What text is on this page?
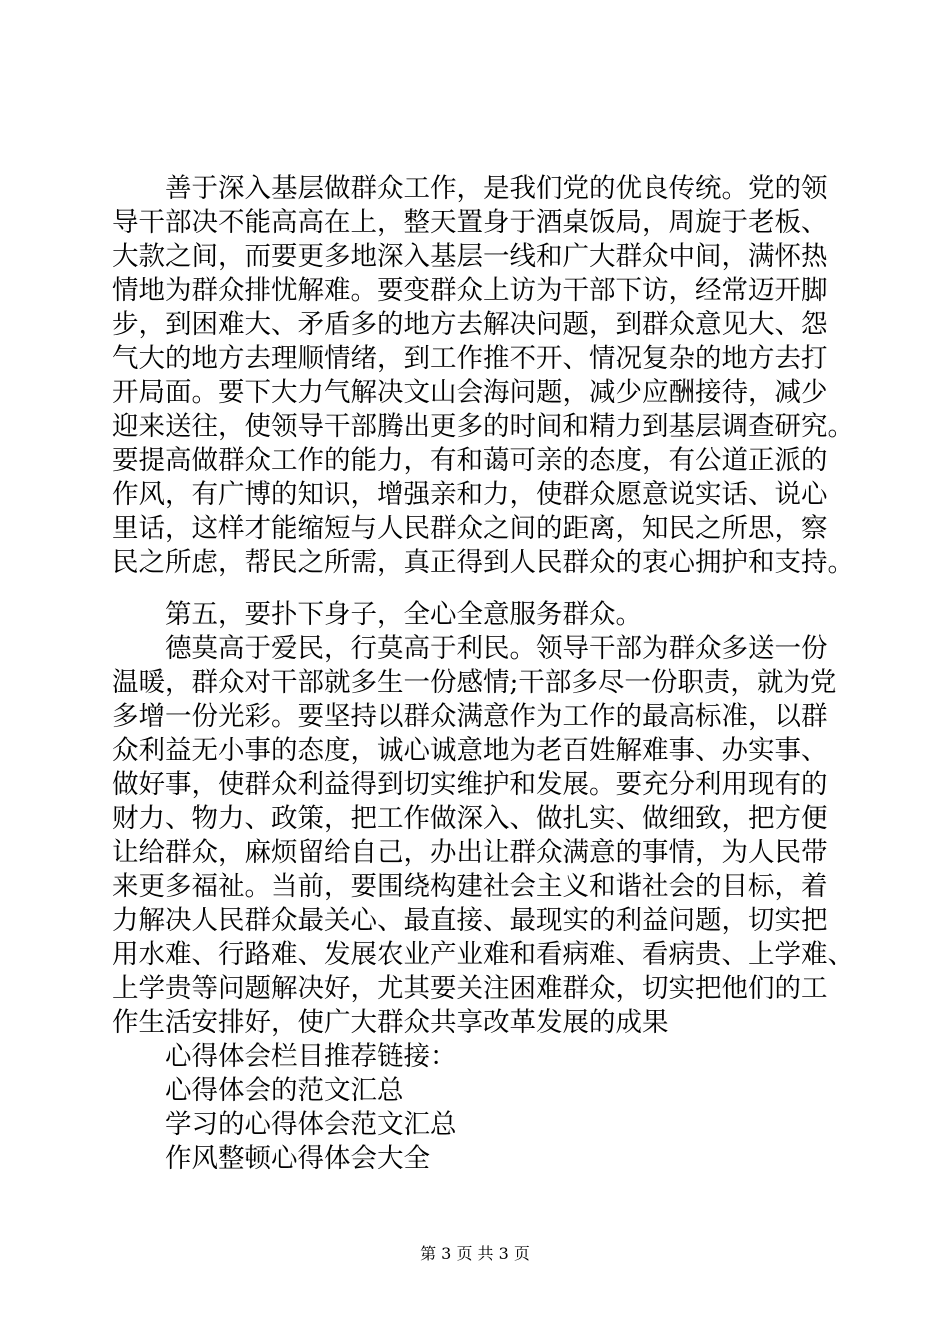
　　善于深入基层做群众工作，是我们党的优良传统。党的领
导干部决不能高高在上，整天置身于酒桌饭局，周旋于老板、
大款之间，而要更多地深入基层一线和广大群众中间，满怀热
情地为群众排忧解难。要变群众上访为干部下访，经常迈开脚
步，到困难大、矛盾多的地方去解决问题，到群众意见大、怨
气大的地方去理顺情绪，到工作推不开、情况复杂的地方去打
开局面。要下大力气解决文山会海问题，减少应酬接待，减少
迎来送往，使领导干部腾出更多的时间和精力到基层调查研究。
要提高做群众工作的能力，有和蔼可亲的态度，有公道正派的
作风，有广博的知识，增强亲和力，使群众愿意说实话、说心
里话，这样才能缩短与人民群众之间的距离，知民之所思，察
民之所虑，帮民之所需，真正得到人民群众的衷心拥护和支持。
　　第五，要扑下身子，全心全意服务群众。
　　德莫高于爱民，行莫高于利民。领导干部为群众多送一份
温暖，群众对干部就多生一份感情;干部多尽一份职责，就为党
多增一份光彩。要坚持以群众满意作为工作的最高标准，以群
众利益无小事的态度，诚心诚意地为老百姓解难事、办实事、
做好事，使群众利益得到切实维护和发展。要充分利用现有的
财力、物力、政策，把工作做深入、做扎实、做细致，把方便
让给群众，麻烦留给自己，办出让群众满意的事情，为人民带
来更多福祉。当前，要围绕构建社会主义和谐社会的目标，着
力解决人民群众最关心、最直接、最现实的利益问题，切实把
用水难、行路难、发展农业产业难和看病难、看病贵、上学难、
上学贵等问题解决好，尤其要关注困难群众，切实把他们的工
作生活安排好，使广大群众共享改革发展的成果
　　心得体会栏目推荐链接：
　　心得体会的范文汇总
　　学习的心得体会范文汇总
　　作风整顿心得体会大全
第 3 页 共 3 页
